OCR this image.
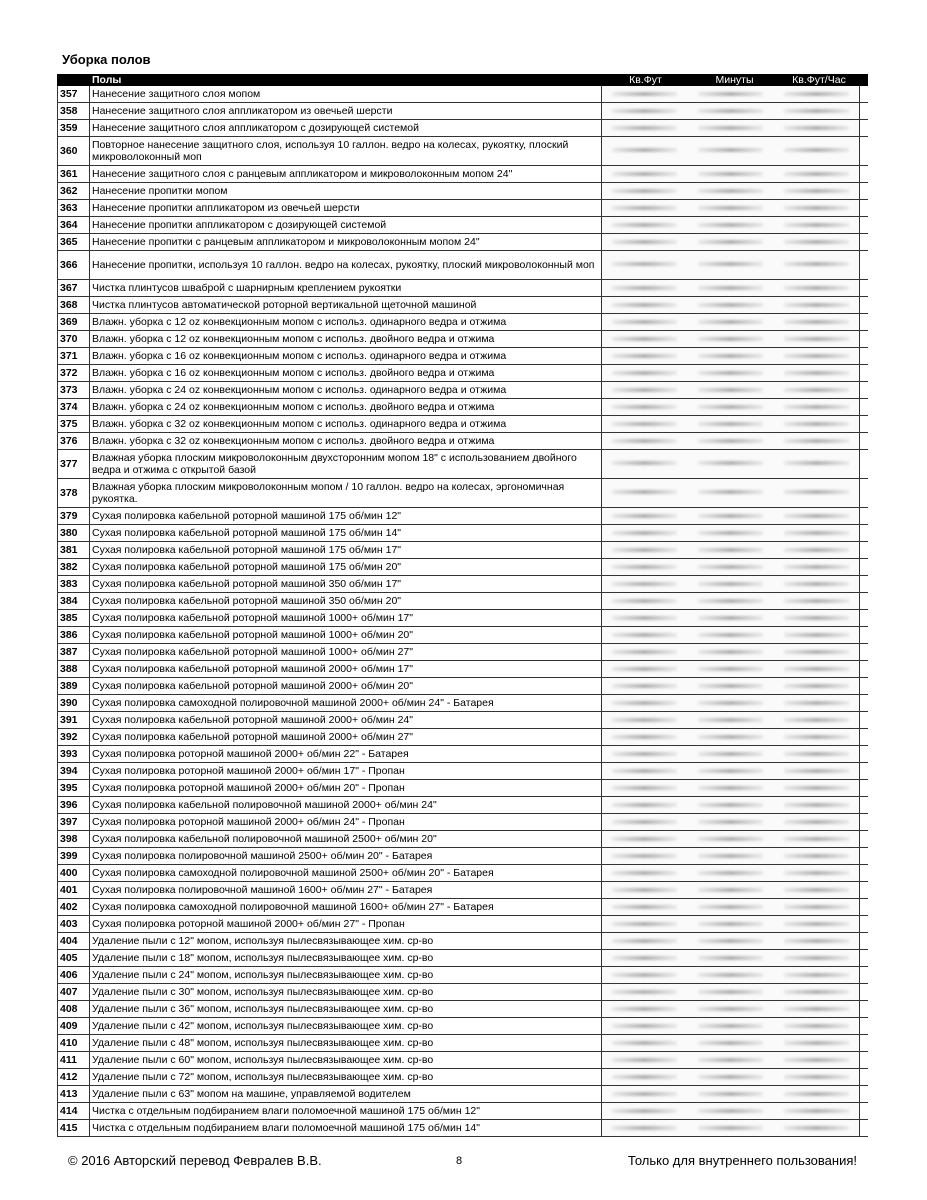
Уборка полов
Полы	Кв.Фут	Минуты	Кв.Фут/Час
357	Нанесение защитного слоя мопом
358	Нанесение защитного слоя аппликатором из овечьей шерсти
359	Нанесение защитного слоя аппликатором с дозирующей системой
360	Повторное нанесение защитного слоя, используя 10 галлон. ведро на колесах, рукоятку, плоский микроволоконный моп
361	Нанесение защитного слоя с ранцевым аппликатором и микроволоконным мопом 24"
362	Нанесение пропитки мопом
363	Нанесение пропитки аппликатором из овечьей шерсти
364	Нанесение пропитки аппликатором с дозирующей системой
365	Нанесение пропитки с ранцевым аппликатором и микроволоконным мопом 24"
366	Нанесение пропитки, используя 10 галлон. ведро на колесах, рукоятку, плоский микроволоконный моп
367	Чистка плинтусов шваброй с шарнирным креплением рукоятки
368	Чистка плинтусов автоматической роторной вертикальной щеточной машиной
369	Влажн. уборка с 12 oz конвекционным мопом с использ. одинарного ведра и отжима
370	Влажн. уборка с 12 oz конвекционным мопом с использ. двойного ведра и отжима
371	Влажн. уборка с 16 oz конвекционным мопом с использ. одинарного ведра и отжима
372	Влажн. уборка с 16 oz конвекционным мопом с использ. двойного ведра и отжима
373	Влажн. уборка с 24 oz конвекционным мопом с использ. одинарного ведра и отжима
374	Влажн. уборка с 24 oz конвекционным мопом с использ. двойного ведра и отжима
375	Влажн. уборка с 32 oz конвекционным мопом с использ. одинарного ведра и отжима
376	Влажн. уборка с 32 oz конвекционным мопом с использ. двойного ведра и отжима
377	Влажная уборка плоским микроволоконным двухсторонним мопом 18" с использованием двойного ведра и отжима с открытой базой
378	Влажная уборка плоским микроволоконным мопом / 10 галлон. ведро на колесах, эргономичная рукоятка.
379	Сухая полировка кабельной роторной машиной 175 об/мин 12"
380	Сухая полировка кабельной роторной машиной 175 об/мин 14"
381	Сухая полировка кабельной роторной машиной 175 об/мин 17"
382	Сухая полировка кабельной роторной машиной 175 об/мин 20"
383	Сухая полировка кабельной роторной машиной 350 об/мин 17"
384	Сухая полировка кабельной роторной машиной 350 об/мин 20"
385	Сухая полировка кабельной роторной машиной 1000+ об/мин 17"
386	Сухая полировка кабельной роторной машиной 1000+ об/мин 20"
387	Сухая полировка кабельной роторной машиной 1000+ об/мин 27"
388	Сухая полировка кабельной роторной машиной 2000+ об/мин 17"
389	Сухая полировка кабельной роторной машиной 2000+ об/мин 20"
390	Сухая полировка самоходной полировочной машиной 2000+ об/мин 24" - Батарея
391	Сухая полировка кабельной роторной машиной 2000+ об/мин 24"
392	Сухая полировка кабельной роторной машиной 2000+ об/мин 27"
393	Сухая полировка роторной машиной 2000+ об/мин 22" - Батарея
394	Сухая полировка роторной машиной 2000+ об/мин 17" - Пропан
395	Сухая полировка роторной машиной 2000+ об/мин 20" - Пропан
396	Сухая полировка кабельной полировочной машиной 2000+ об/мин 24"
397	Сухая полировка роторной машиной 2000+ об/мин 24" - Пропан
398	Сухая полировка кабельной полировочной машиной 2500+ об/мин 20"
399	Сухая полировка полировочной машиной 2500+ об/мин 20" - Батарея
400	Сухая полировка самоходной полировочной машиной 2500+ об/мин 20" - Батарея
401	Сухая полировка полировочной машиной 1600+ об/мин 27" - Батарея
402	Сухая полировка самоходной полировочной машиной 1600+ об/мин 27" - Батарея
403	Сухая полировка роторной машиной 2000+ об/мин 27" - Пропан
404	Удаление пыли с 12" мопом, используя пылесвязывающее хим. ср-во
405	Удаление пыли с 18" мопом, используя пылесвязывающее хим. ср-во
406	Удаление пыли с 24" мопом, используя пылесвязывающее хим. ср-во
407	Удаление пыли с 30" мопом, используя пылесвязывающее хим. ср-во
408	Удаление пыли с 36" мопом, используя пылесвязывающее хим. ср-во
409	Удаление пыли с 42" мопом, используя пылесвязывающее хим. ср-во
410	Удаление пыли с 48" мопом, используя пылесвязывающее хим. ср-во
411	Удаление пыли с 60" мопом, используя пылесвязывающее хим. ср-во
412	Удаление пыли с 72" мопом, используя пылесвязывающее хим. ср-во
413	Удаление пыли с 63" мопом на машине, управляемой водителем
414	Чистка с отдельным подбиранием влаги поломоечной машиной 175 об/мин 12"
415	Чистка с отдельным подбиранием влаги поломоечной машиной 175 об/мин 14"
© 2016 Авторский перевод Февралев В.В.	8	Только для внутреннего пользования!
